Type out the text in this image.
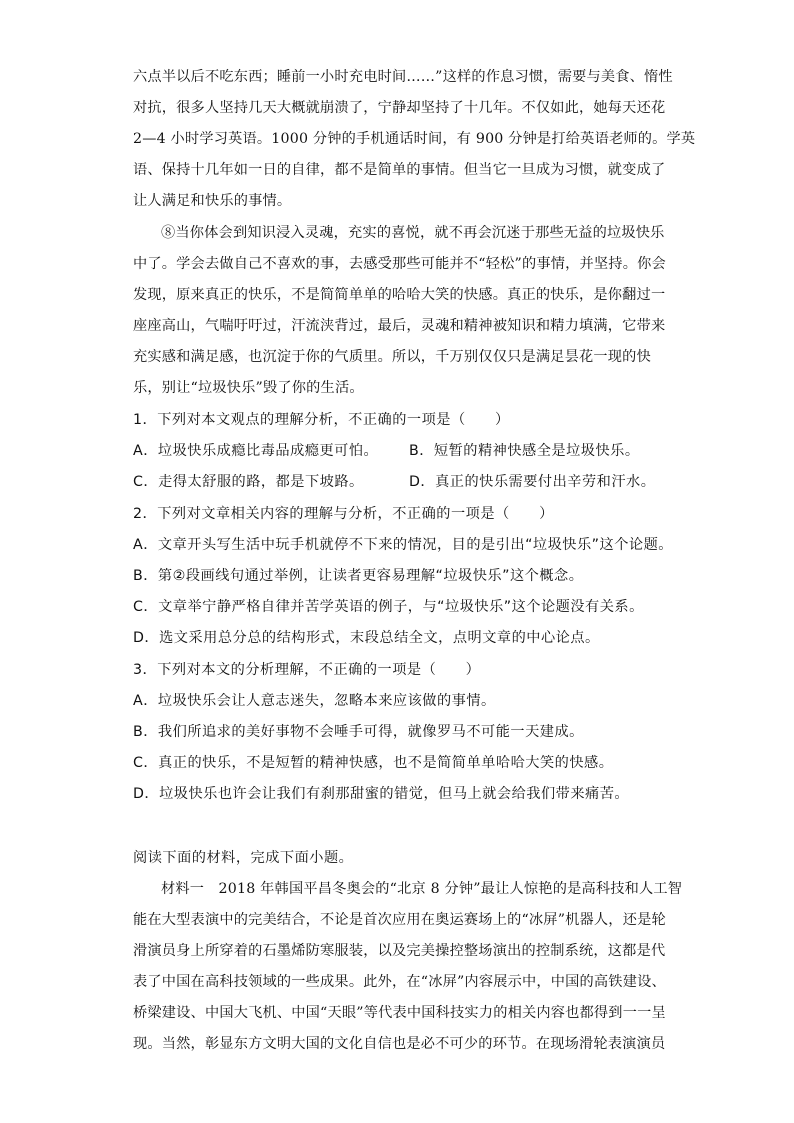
六点半以后不吃东西；睡前一小时充电时间……”这样的作息习惯，需要与美食、惰性
对抗，很多人坚持几天大概就崩溃了，宁静却坚持了十几年。不仅如此，她每天还花
2—4 小时学习英语。1000 分钟的手机通话时间，有 900 分钟是打给英语老师的。学英
语、保持十几年如一日的自律，都不是简单的事情。但当它一旦成为习惯，就变成了
让人满足和快乐的事情。
⑧当你体会到知识浸入灵魂，充实的喜悦，就不再会沉迷于那些无益的垃圾快乐
中了。学会去做自己不喜欢的事，去感受那些可能并不“轻松”的事情，并坚持。你会
发现，原来真正的快乐，不是简简单单的哈哈大笑的快感。真正的快乐，是你翻过一
座座高山，气喘吁吁过，汗流浃背过，最后，灵魂和精神被知识和精力填满，它带来
充实感和满足感，也沉淀于你的气质里。所以，千万别仅仅只是满足昙花一现的快
乐，别让“垃圾快乐”毁了你的生活。
1．下列对本文观点的理解分析，不正确的一项是（　　）
A．垃圾快乐成瘾比毒品成瘾更可怕。	B．短暂的精神快感全是垃圾快乐。
C．走得太舒服的路，都是下坡路。	D．真正的快乐需要付出辛劳和汗水。
2．下列对文章相关内容的理解与分析，不正确的一项是（　　）
A．文章开头写生活中玩手机就停不下来的情况，目的是引出“垃圾快乐”这个论题。
B．第②段画线句通过举例，让读者更容易理解“垃圾快乐”这个概念。
C．文章举宁静严格自律并苦学英语的例子，与“垃圾快乐”这个论题没有关系。
D．选文采用总分总的结构形式，末段总结全文，点明文章的中心论点。
3．下列对本文的分析理解，不正确的一项是（　　）
A．垃圾快乐会让人意志迷失，忽略本来应该做的事情。
B．我们所追求的美好事物不会唾手可得，就像罗马不可能一天建成。
C．真正的快乐，不是短暂的精神快感，也不是简简单单哈哈大笑的快感。
D．垃圾快乐也许会让我们有刹那甜蜜的错觉，但马上就会给我们带来痛苦。
阅读下面的材料，完成下面小题。
材料一　2018 年韩国平昌冬奥会的“北京 8 分钟”最让人惊艳的是高科技和人工智
能在大型表演中的完美结合，不论是首次应用在奥运赛场上的“冰屏”机器人，还是轮
滑演员身上所穿着的石墨烯防寒服装，以及完美操控整场演出的控制系统，这都是代
表了中国在高科技领域的一些成果。此外，在“冰屏”内容展示中，中国的高铁建设、
桥梁建设、中国大飞机、中国“天眼”等代表中国科技实力的相关内容也都得到一一呈
现。当然，彰显东方文明大国的文化自信也是必不可少的环节。在现场滑轮表演演员
